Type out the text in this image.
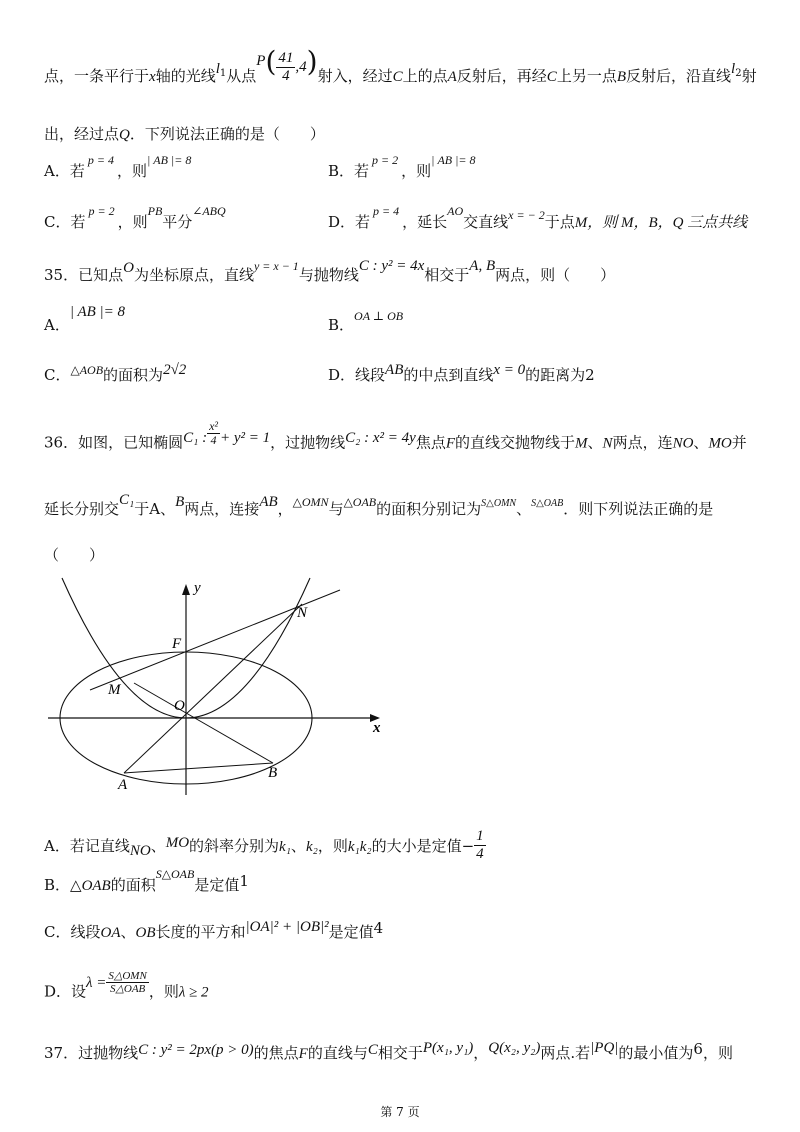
点，一条平行于x轴的光线$l^1$从点$P( \frac{41}{4} ,4)$射入，经过C上的点A反射后，再经C上另一点B反射后，沿直线$l^2$射
出，经过点Q．下列说法正确的是（　　）
A．若$^{p = 4}$，则$^{| AB |= 8}$
B．若$^{p = 2}$，则$^{| AB |= 8}$
C．若$^{p = 2}$，则$^{PB}$平分$^{\angle ABQ}$
D．若$^{p = 4}$，延长$^{AO}$交直线$^{x = - 2}$于点M，则 M，B，Q 三点共线
35．已知点O为坐标原点，直线$^{y = x - 1}$与抛物线C : y² = 4x相交于A, B两点，则（　　）
A．| AB |= 8
B．$^{OA \perp OB}$
C．$^{\triangle AOB}$的面积为2√2	D．线段AB的中点到直线x = 0的距离为2
36．如图，已知椭圆C₁ : $\frac{\text{x²}}{4} + y^2 = 1$，过抛物线C₂ : x² = 4y焦点F的直线交抛物线于M、N两点，连NO、MO并
延长分别交C₁于A、B两点，连接AB，$^{\triangle OMN}$与$^{\triangle OAB}$的面积分别记为$^{S\triangle OMN}$、$^{S\triangle OAB}$．则下列说法正确的是
（　　）
y
x
F
N
M
O
A
B
A．若记直线NO、MO的斜率分别为k₁、k₂，则k₁k₂的大小是定值− $\frac{1}{4}$
B．△OAB的面积$^{S\triangle OAB}$是定值1
C．线段OA、OB长度的平方和|OA|² + |OB|²是定值4
D．设$\lambda = \frac{\text{S△OMN}}{\text{S△OAB}}$ ，则λ ≥ 2
37．过抛物线C : y² = 2px(p > 0)的焦点F的直线与C相交于P(x₁, y₁)，Q(x₂, y₂)两点.若|PQ|的最小值为6，则
第 7 页
